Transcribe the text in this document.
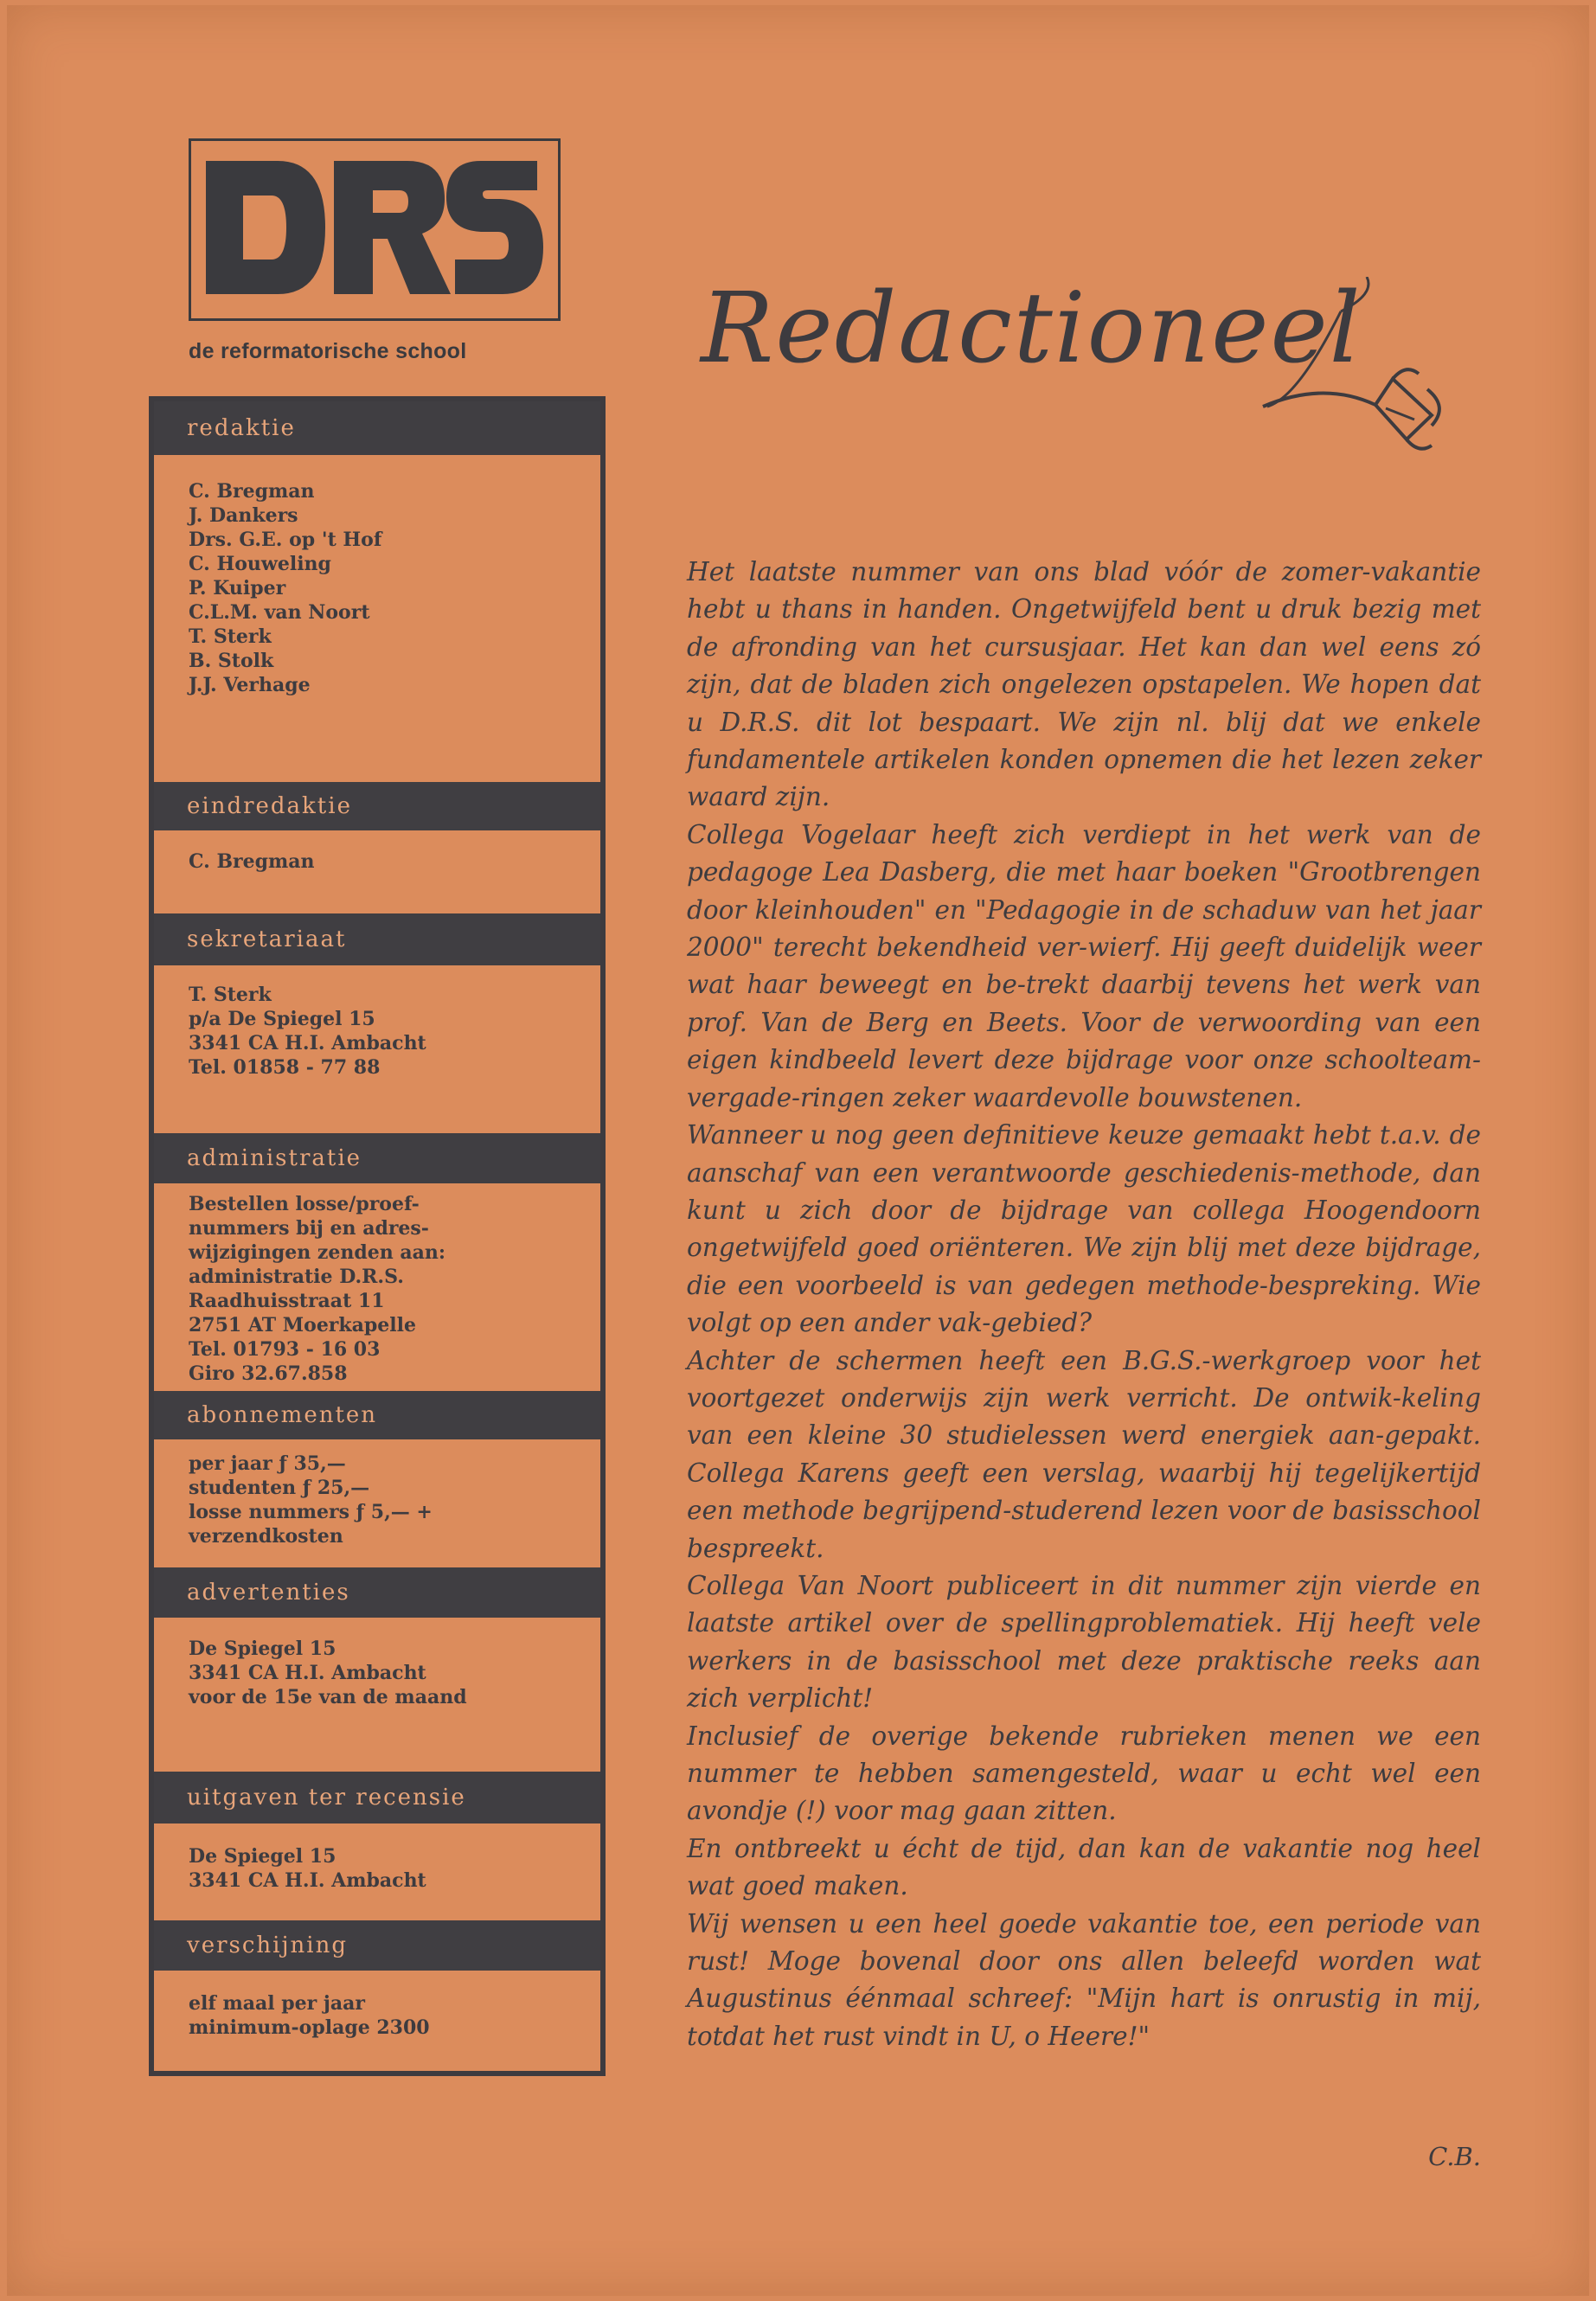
de reformatorische school
redaktie
C. Bregman
J. Dankers
Drs. G.E. op 't Hof
C. Houweling
P. Kuiper
C.L.M. van Noort
T. Sterk
B. Stolk
J.J. Verhage
eindredaktie
C. Bregman
sekretariaat
T. Sterk
p/a De Spiegel 15
3341 CA H.I. Ambacht
Tel. 01858 - 77 88
administratie
Bestellen losse/proef-
nummers bij en adres-
wijzigingen zenden aan:
administratie D.R.S.
Raadhuisstraat 11
2751 AT Moerkapelle
Tel. 01793 - 16 03
Giro 32.67.858
abonnementen
per jaar ƒ 35,—
studenten ƒ 25,—
losse nummers ƒ 5,— +
verzendkosten
advertenties
De Spiegel 15
3341 CA H.I. Ambacht
voor de 15e van de maand
uitgaven ter recensie
De Spiegel 15
3341 CA H.I. Ambacht
verschijning
elf maal per jaar
minimum-oplage 2300
Redactioneel

Het laatste nummer van ons blad vóór de zomer-vakantie hebt u thans in handen. Ongetwijfeld bent u druk bezig met de afronding van het cursusjaar. Het kan dan wel eens zó zijn, dat de bladen zich ongelezen opstapelen. We hopen dat u D.R.S. dit lot bespaart. We zijn nl. blij dat we enkele fundamentele artikelen konden opnemen die het lezen zeker waard zijn.

Collega Vogelaar heeft zich verdiept in het werk van de pedagoge Lea Dasberg, die met haar boeken "Grootbrengen door kleinhouden" en "Pedagogie in de schaduw van het jaar 2000" terecht bekendheid ver-wierf. Hij geeft duidelijk weer wat haar beweegt en be-trekt daarbij tevens het werk van prof. Van de Berg en Beets. Voor de verwoording van een eigen kindbeeld levert deze bijdrage voor onze schoolteam-vergade-ringen zeker waardevolle bouwstenen.

Wanneer u nog geen definitieve keuze gemaakt hebt t.a.v. de aanschaf van een verantwoorde geschiedenis-methode, dan kunt u zich door de bijdrage van collega Hoogendoorn ongetwijfeld goed oriënteren. We zijn blij met deze bijdrage, die een voorbeeld is van gedegen methode-bespreking. Wie volgt op een ander vak-gebied?

Achter de schermen heeft een B.G.S.-werkgroep voor het voortgezet onderwijs zijn werk verricht. De ontwik-keling van een kleine 30 studielessen werd energiek aan-gepakt. Collega Karens geeft een verslag, waarbij hij tegelijkertijd een methode begrijpend-studerend lezen voor de basisschool bespreekt.

Collega Van Noort publiceert in dit nummer zijn vierde en laatste artikel over de spellingproblematiek. Hij heeft vele werkers in de basisschool met deze praktische reeks aan zich verplicht!

Inclusief de overige bekende rubrieken menen we een nummer te hebben samengesteld, waar u echt wel een avondje (!) voor mag gaan zitten.

En ontbreekt u écht de tijd, dan kan de vakantie nog heel wat goed maken.

Wij wensen u een heel goede vakantie toe, een periode van rust! Moge bovenal door ons allen beleefd worden wat Augustinus éénmaal schreef: "Mijn hart is onrustig in mij, totdat het rust vindt in U, o Heere!"

C.B.
